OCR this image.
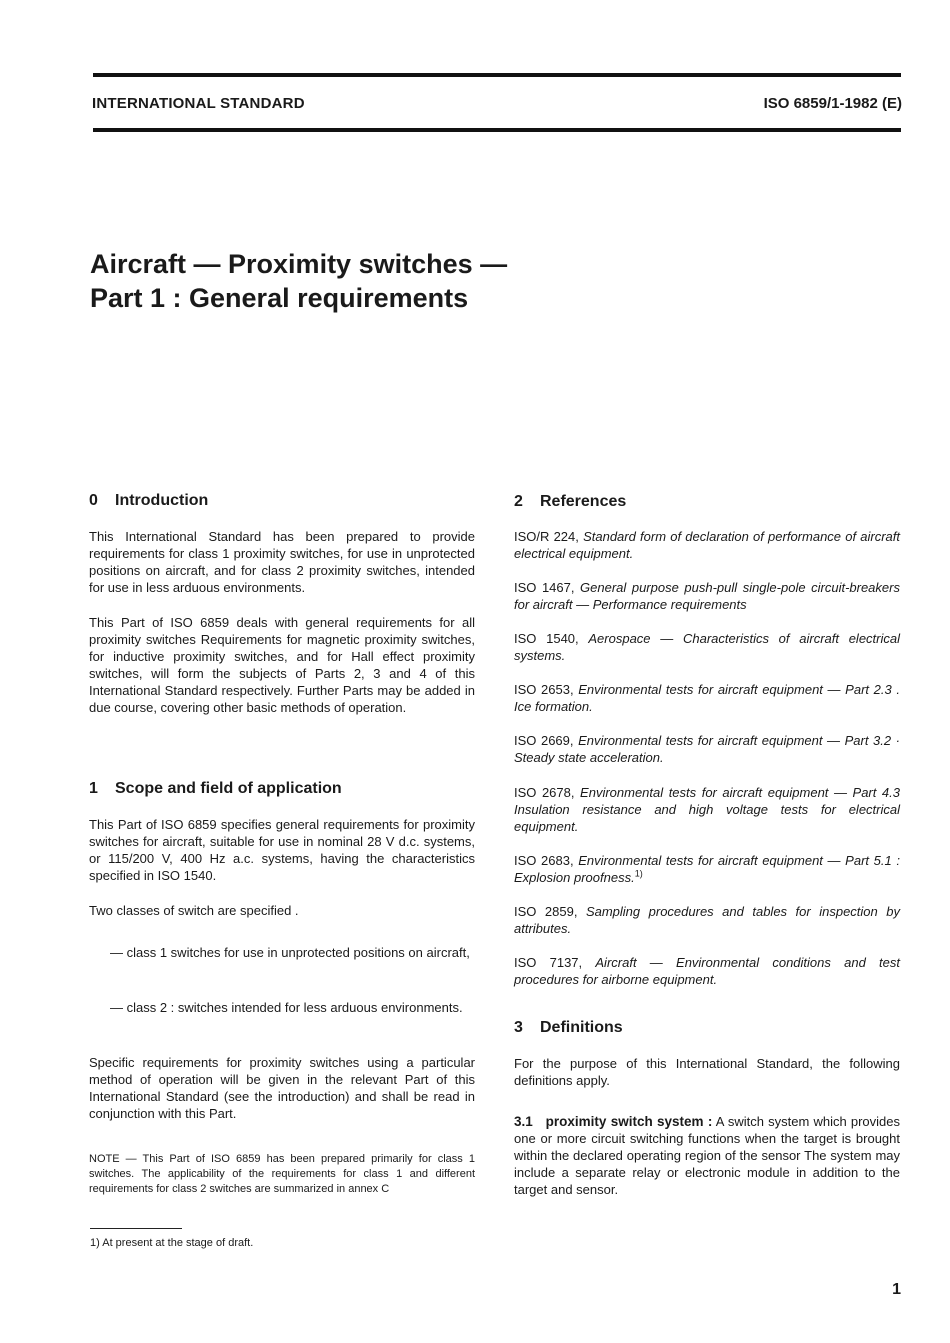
INTERNATIONAL STANDARD	ISO 6859/1-1982 (E)
Aircraft — Proximity switches —
Part 1 : General requirements
0 Introduction

This International Standard has been prepared to provide requirements for class 1 proximity switches, for use in unprotected positions on aircraft, and for class 2 proximity switches, intended for use in less arduous environments.

This Part of ISO 6859 deals with general requirements for all proximity switches Requirements for magnetic proximity switches, for inductive proximity switches, and for Hall effect proximity switches, will form the subjects of Parts 2, 3 and 4 of this International Standard respectively. Further Parts may be added in due course, covering other basic methods of operation.

1 Scope and field of application

This Part of ISO 6859 specifies general requirements for proximity switches for aircraft, suitable for use in nominal 28 V d.c. systems, or 115/200 V, 400 Hz a.c. systems, having the characteristics specified in ISO 1540.

Two classes of switch are specified .

— class 1 switches for use in unprotected positions on aircraft,

— class 2 : switches intended for less arduous environments.

Specific requirements for proximity switches using a particular method of operation will be given in the relevant Part of this International Standard (see the introduction) and shall be read in conjunction with this Part.

NOTE — This Part of ISO 6859 has been prepared primarily for class 1 switches. The applicability of the requirements for class 1 and different requirements for class 2 switches are summarized in annex C

2 References

ISO/R 224, Standard form of declaration of performance of aircraft electrical equipment.

ISO 1467, General purpose push-pull single-pole circuit-breakers for aircraft — Performance requirements

ISO 1540, Aerospace — Characteristics of aircraft electrical systems.

ISO 2653, Environmental tests for aircraft equipment — Part 2.3 . Ice formation.

ISO 2669, Environmental tests for aircraft equipment — Part 3.2 · Steady state acceleration.

ISO 2678, Environmental tests for aircraft equipment — Part 4.3 Insulation resistance and high voltage tests for electrical equipment.

ISO 2683, Environmental tests for aircraft equipment — Part 5.1 : Explosion proofness.$^{1)}$

ISO 2859, Sampling procedures and tables for inspection by attributes.

ISO 7137, Aircraft — Environmental conditions and test procedures for airborne equipment.

3 Definitions

For the purpose of this International Standard, the following definitions apply.

3.1 proximity switch system : A switch system which provides one or more circuit switching functions when the target is brought within the declared operating region of the sensor The system may include a separate relay or electronic module in addition to the target and sensor.

1) At present at the stage of draft.
1
